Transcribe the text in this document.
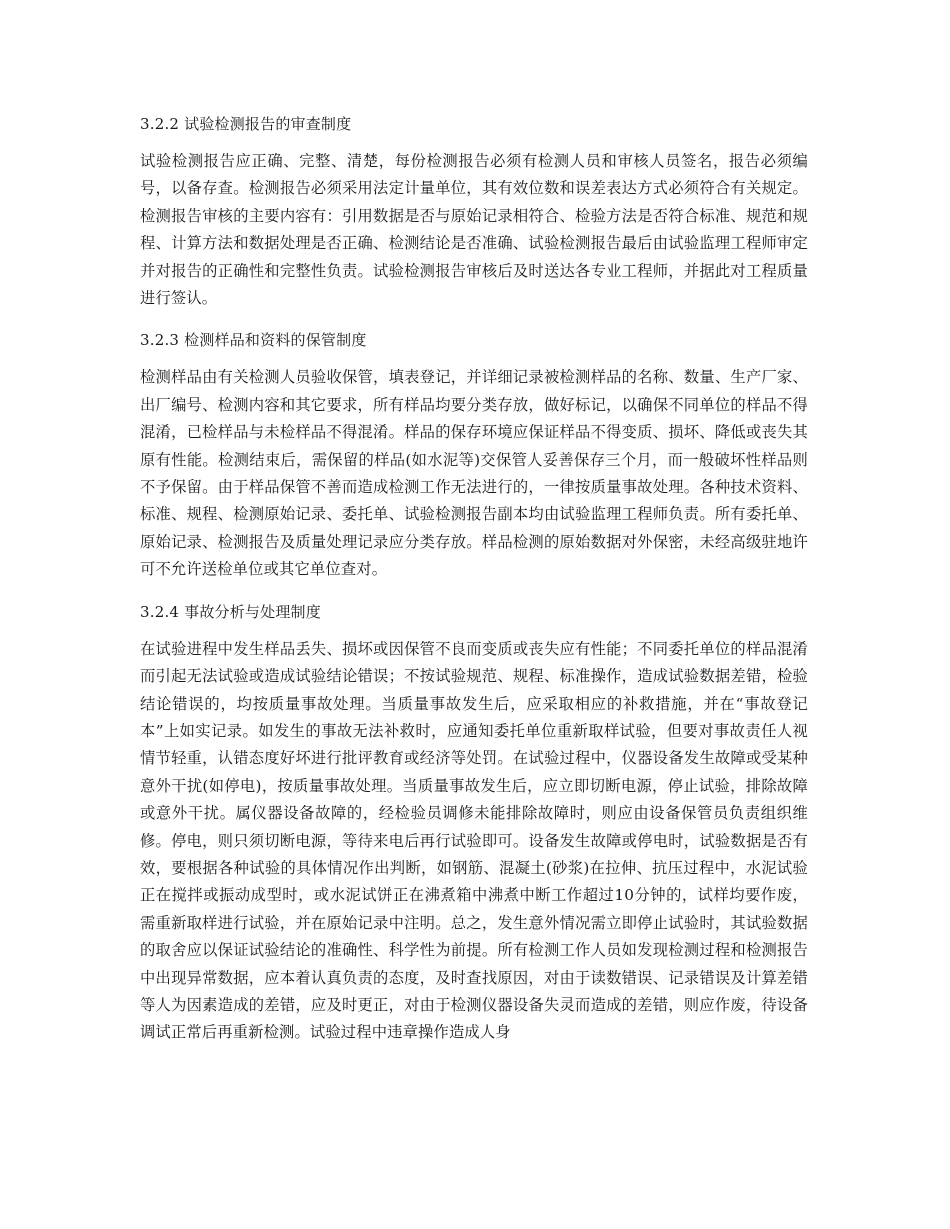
3.2.2 试验检测报告的审查制度

试验检测报告应正确、完整、清楚，每份检测报告必须有检测人员和审核人员签名，报告必须编号，以备存查。检测报告必须采用法定计量单位，其有效位数和误差表达方式必须符合有关规定。检测报告审核的主要内容有：引用数据是否与原始记录相符合、检验方法是否符合标准、规范和规程、计算方法和数据处理是否正确、检测结论是否准确、试验检测报告最后由试验监理工程师审定并对报告的正确性和完整性负责。试验检测报告审核后及时送达各专业工程师，并据此对工程质量进行签认。

3.2.3 检测样品和资料的保管制度

检测样品由有关检测人员验收保管，填表登记，并详细记录被检测样品的名称、数量、生产厂家、出厂编号、检测内容和其它要求，所有样品均要分类存放，做好标记，以确保不同单位的样品不得混淆，已检样品与未检样品不得混淆。样品的保存环境应保证样品不得变质、损坏、降低或丧失其原有性能。检测结束后，需保留的样品(如水泥等)交保管人妥善保存三个月，而一般破坏性样品则不予保留。由于样品保管不善而造成检测工作无法进行的，一律按质量事故处理。各种技术资料、标准、规程、检测原始记录、委托单、试验检测报告副本均由试验监理工程师负责。所有委托单、原始记录、检测报告及质量处理记录应分类存放。样品检测的原始数据对外保密，未经高级驻地许可不允许送检单位或其它单位查对。

3.2.4 事故分析与处理制度

在试验进程中发生样品丢失、损坏或因保管不良而变质或丧失应有性能；不同委托单位的样品混淆而引起无法试验或造成试验结论错误；不按试验规范、规程、标准操作，造成试验数据差错，检验结论错误的，均按质量事故处理。当质量事故发生后，应采取相应的补救措施，并在“事故登记本”上如实记录。如发生的事故无法补救时，应通知委托单位重新取样试验，但要对事故责任人视情节轻重，认错态度好坏进行批评教育或经济等处罚。在试验过程中，仪器设备发生故障或受某种意外干扰(如停电)，按质量事故处理。当质量事故发生后，应立即切断电源，停止试验，排除故障或意外干扰。属仪器设备故障的，经检验员调修未能排除故障时，则应由设备保管员负责组织维修。停电，则只须切断电源，等待来电后再行试验即可。设备发生故障或停电时，试验数据是否有效，要根据各种试验的具体情况作出判断，如钢筋、混凝土(砂浆)在拉伸、抗压过程中，水泥试验正在搅拌或振动成型时，或水泥试饼正在沸煮箱中沸煮中断工作超过10分钟的，试样均要作废，需重新取样进行试验，并在原始记录中注明。总之，发生意外情况需立即停止试验时，其试验数据的取舍应以保证试验结论的准确性、科学性为前提。所有检测工作人员如发现检测过程和检测报告中出现异常数据，应本着认真负责的态度，及时查找原因，对由于读数错误、记录错误及计算差错等人为因素造成的差错，应及时更正，对由于检测仪器设备失灵而造成的差错，则应作废，待设备调试正常后再重新检测。试验过程中违章操作造成人身
